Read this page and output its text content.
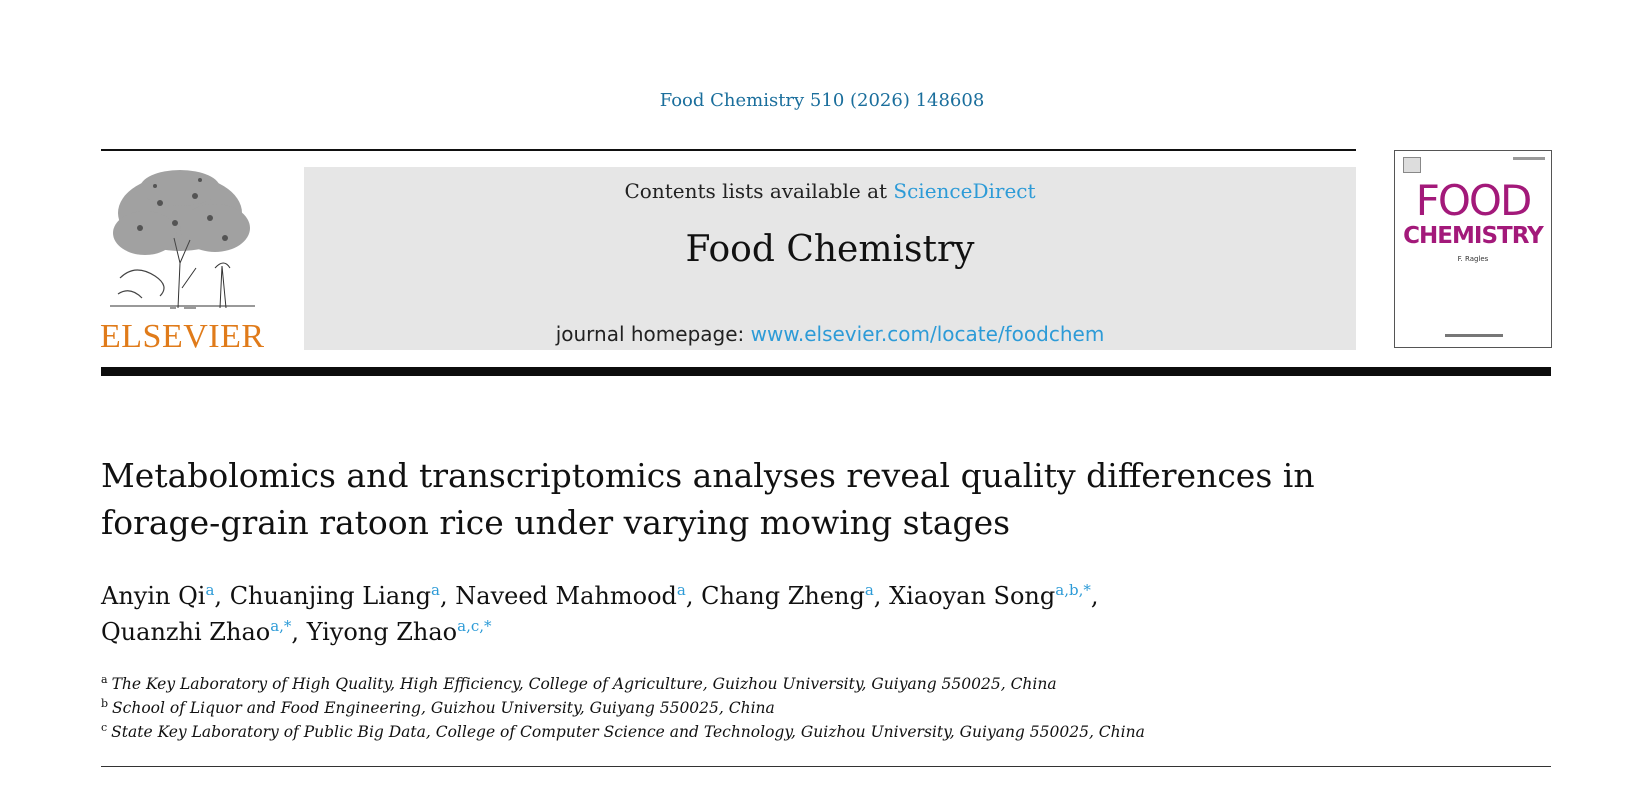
Food Chemistry 510 (2026) 148608
ELSEVIER
Contents lists available at ScienceDirect
Food Chemistry
journal homepage: www.elsevier.com/locate/foodchem
FOOD
CHEMISTRY
F. Ragles
Metabolomics and transcriptomics analyses reveal quality differences in
forage-grain ratoon rice under varying mowing stages
Anyin Qi$^a$, Chuanjing Liang$^a$, Naveed Mahmood$^a$, Chang Zheng$^a$, Xiaoyan Song$^{a,b,*}$,
Quanzhi Zhao$^{a,*}$, Yiyong Zhao$^{a,c,*}$
$^a$ The Key Laboratory of High Quality, High Efficiency, College of Agriculture, Guizhou University, Guiyang 550025, China
$^b$ School of Liquor and Food Engineering, Guizhou University, Guiyang 550025, China
$^c$ State Key Laboratory of Public Big Data, College of Computer Science and Technology, Guizhou University, Guiyang 550025, China
